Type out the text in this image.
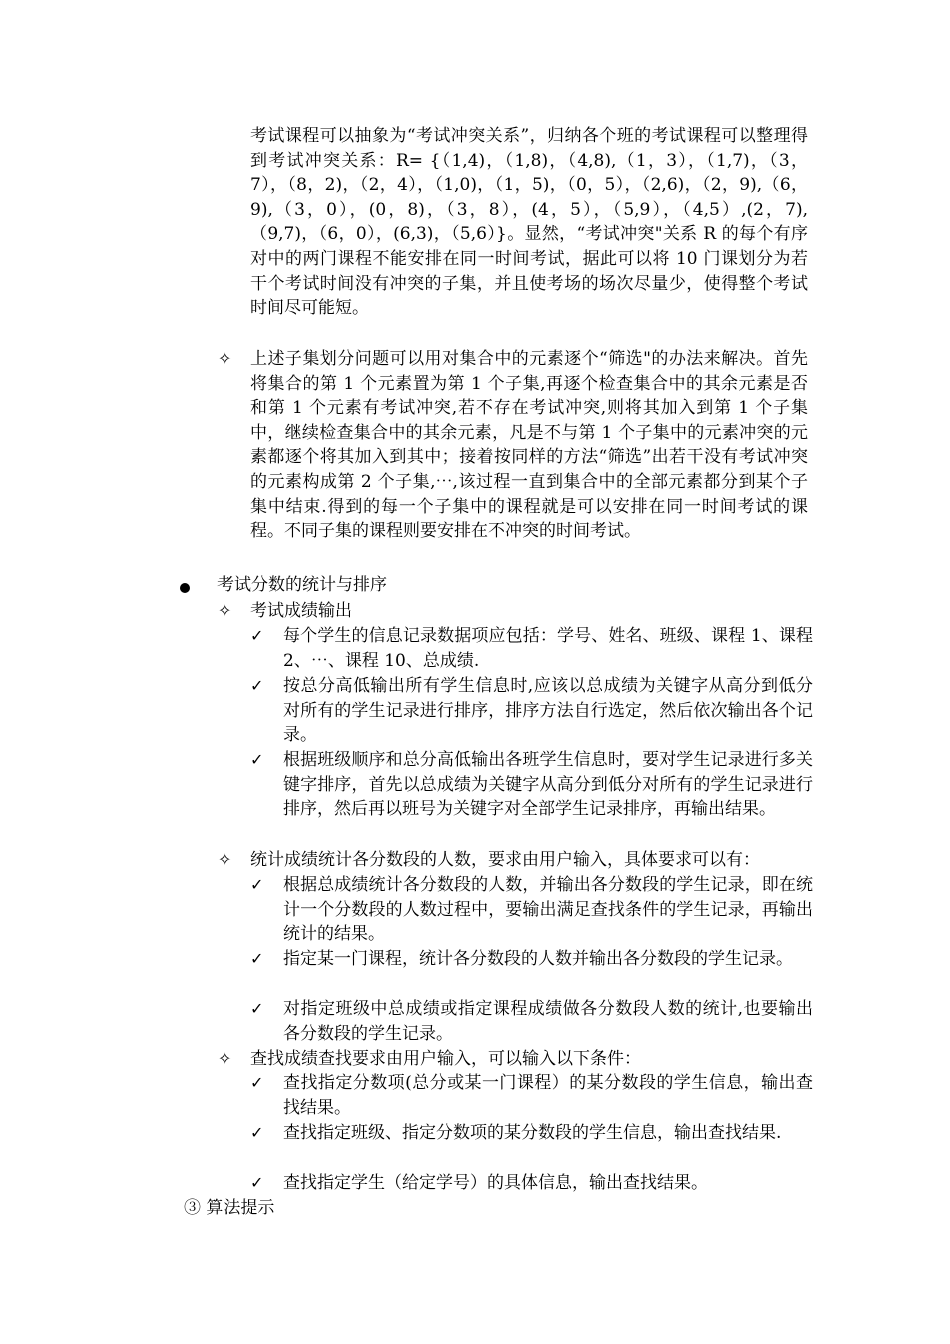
考试课程可以抽象为“考试冲突关系”，归纳各个班的考试课程可以整理得到考试冲突关系：R= {（1,4)，（1,8)，（4,8),（1，3），（1,7)，（3，7），（8，2)，（2，4），（1,0)，（1，5)，（0，5），（2,6)，（2，9),（6，9),（3，0），(0，8)，（3，8），(4，5），（5,9），（4,5）,(2，7),（9,7)，（6，0），(6,3)，（5,6）}。显然，“考试冲突"关系 R 的每个有序对中的两门课程不能安排在同一时间考试，据此可以将 10 门课划分为若干个考试时间没有冲突的子集，并且使考场的场次尽量少，使得整个考试时间尽可能短。
✧ 上述子集划分问题可以用对集合中的元素逐个“筛选"的办法来解决。首先将集合的第 1 个元素置为第 1 个子集,再逐个检查集合中的其余元素是否和第 1 个元素有考试冲突,若不存在考试冲突,则将其加入到第 1 个子集中，继续检查集合中的其余元素，凡是不与第 1 个子集中的元素冲突的元素都逐个将其加入到其中；接着按同样的方法“筛选”出若干没有考试冲突的元素构成第 2 个子集,⋯,该过程一直到集合中的全部元素都分到某个子集中结束.得到的每一个子集中的课程就是可以安排在同一时间考试的课程。不同子集的课程则要安排在不冲突的时间考试。
考试分数的统计与排序
✧ 考试成绩输出
✓ 每个学生的信息记录数据项应包括：学号、姓名、班级、课程 1、课程 2、⋯、课程 10、总成绩.
✓ 按总分高低输出所有学生信息时,应该以总成绩为关键字从高分到低分对所有的学生记录进行排序，排序方法自行选定，然后依次输出各个记录。
✓ 根据班级顺序和总分高低输出各班学生信息时，要对学生记录进行多关键字排序，首先以总成绩为关键字从高分到低分对所有的学生记录进行排序，然后再以班号为关键字对全部学生记录排序，再输出结果。
✧ 统计成绩统计各分数段的人数，要求由用户输入，具体要求可以有：
✓ 根据总成绩统计各分数段的人数，并输出各分数段的学生记录，即在统计一个分数段的人数过程中，要输出满足查找条件的学生记录，再输出统计的结果。
✓ 指定某一门课程，统计各分数段的人数并输出各分数段的学生记录。
✓ 对指定班级中总成绩或指定课程成绩做各分数段人数的统计,也要输出各分数段的学生记录。
✧ 查找成绩查找要求由用户输入，可以输入以下条件：
✓ 查找指定分数项(总分或某一门课程）的某分数段的学生信息，输出查找结果。
✓ 查找指定班级、指定分数项的某分数段的学生信息，输出查找结果.
✓ 查找指定学生（给定学号）的具体信息，输出查找结果。
③ 算法提示
